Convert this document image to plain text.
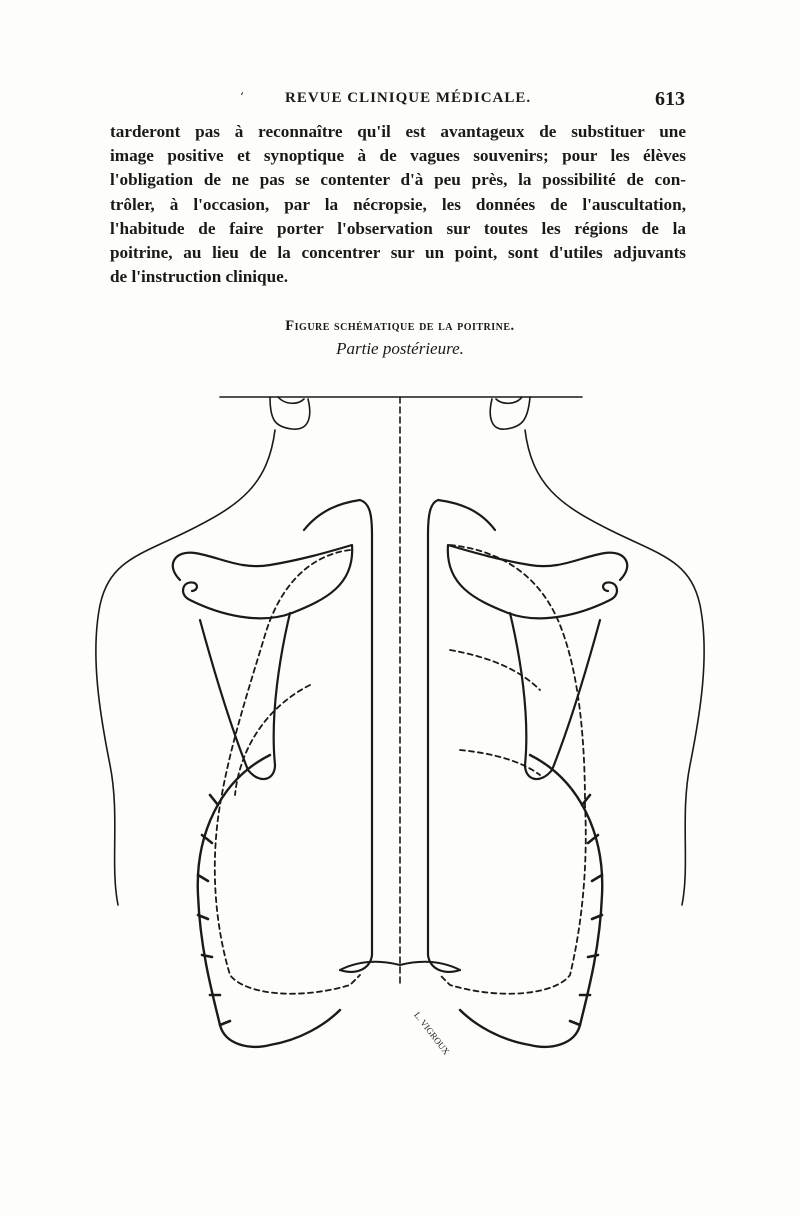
‘	REVUE CLINIQUE MÉDICALE.	613
tarderont pas à reconnaître qu'il est avantageux de substituer une
image positive et synoptique à de vagues souvenirs; pour les élèves
l'obligation de ne pas se contenter d'à peu près, la possibilité de con-
trôler, à l'occasion, par la nécropsie, les données de l'auscultation,
l'habitude de faire porter l'observation sur toutes les régions de la
poitrine, au lieu de la concentrer sur un point, sont d'utiles adjuvants
de l'instruction clinique.
Figure schématique de la poitrine.
Partie postérieure.
L. VIGROUX
